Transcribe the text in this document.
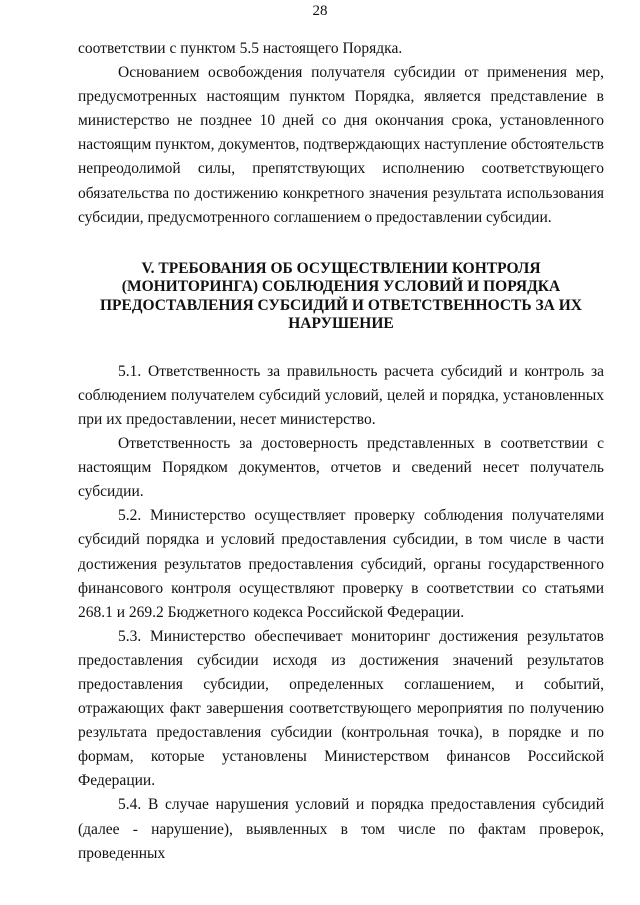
28

соответствии с пунктом 5.5 настоящего Порядка.

Основанием освобождения получателя субсидии от применения мер, предусмотренных настоящим пунктом Порядка, является представление в министерство не позднее 10 дней со дня окончания срока, установленного настоящим пунктом, документов, подтверждающих наступление обстоятельств непреодолимой силы, препятствующих исполнению соответствующего обязательства по достижению конкретного значения результата использования субсидии, предусмотренного соглашением о предоставлении субсидии.

V. ТРЕБОВАНИЯ ОБ ОСУЩЕСТВЛЕНИИ КОНТРОЛЯ (МОНИТОРИНГА) СОБЛЮДЕНИЯ УСЛОВИЙ И ПОРЯДКА ПРЕДОСТАВЛЕНИЯ СУБСИДИЙ И ОТВЕТСТВЕННОСТЬ ЗА ИХ НАРУШЕНИЕ

5.1. Ответственность за правильность расчета субсидий и контроль за соблюдением получателем субсидий условий, целей и порядка, установленных при их предоставлении, несет министерство.

Ответственность за достоверность представленных в соответствии с настоящим Порядком документов, отчетов и сведений несет получатель субсидии.

5.2. Министерство осуществляет проверку соблюдения получателями субсидий порядка и условий предоставления субсидии, в том числе в части достижения результатов предоставления субсидий, органы государственного финансового контроля осуществляют проверку в соответствии со статьями 268.1 и 269.2 Бюджетного кодекса Российской Федерации.

5.3. Министерство обеспечивает мониторинг достижения результатов предоставления субсидии исходя из достижения значений результатов предоставления субсидии, определенных соглашением, и событий, отражающих факт завершения соответствующего мероприятия по получению результата предоставления субсидии (контрольная точка), в порядке и по формам, которые установлены Министерством финансов Российской Федерации.

5.4. В случае нарушения условий и порядка предоставления субсидий (далее - нарушение), выявленных в том числе по фактам проверок, проведенных
